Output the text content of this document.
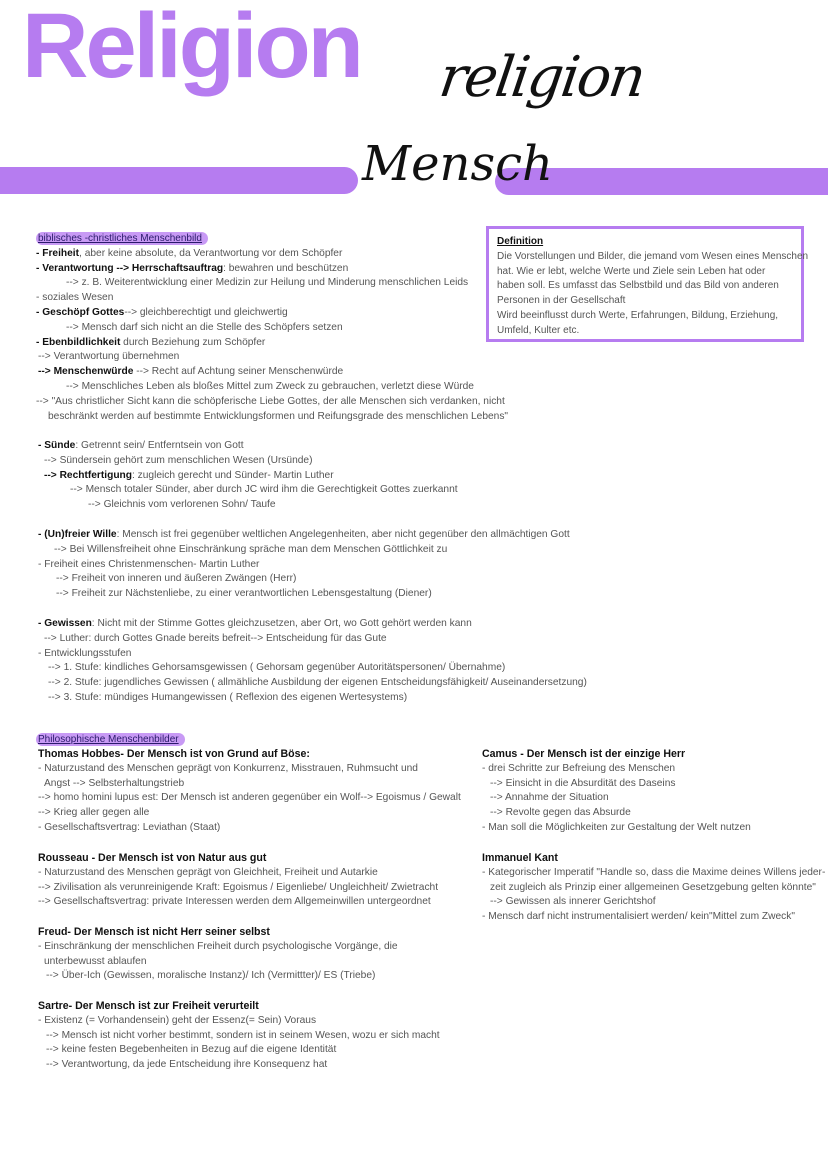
Religion religion
Mensch
Definition
Die Vorstellungen und Bilder, die jemand vom Wesen eines Menschen
hat. Wie er lebt, welche Werte und Ziele sein Leben hat oder
haben soll. Es umfasst das Selbstbild und das Bild von anderen
Personen in der Gesellschaft
Wird beeinflusst durch Werte, Erfahrungen, Bildung, Erziehung,
Umfeld, Kulter etc.
biblisches -christliches Menschenbild
- Freiheit, aber keine absolute, da Verantwortung vor dem Schöpfer
- Verantwortung --> Herrschaftsauftrag: bewahren und beschützen
--> z. B. Weiterentwicklung einer Medizin zur Heilung und Minderung menschlichen Leids
- soziales Wesen
- Geschöpf Gottes--> gleichberechtigt und gleichwertig
--> Mensch darf sich nicht an die Stelle des Schöpfers setzen
- Ebenbildlichkeit durch Beziehung zum Schöpfer
--> Verantwortung übernehmen
--> Menschenwürde --> Recht auf Achtung seiner Menschenwürde
--> Menschliches Leben als bloßes Mittel zum Zweck zu gebrauchen, verletzt diese Würde
--> "Aus christlicher Sicht kann die schöpferische Liebe Gottes, der alle Menschen sich verdanken, nicht
beschränkt werden auf bestimmte Entwicklungsformen und Reifungsgrade des menschlichen Lebens"
- Sünde: Getrennt sein/ Entferntsein von Gott
--> Sündersein gehört zum menschlichen Wesen (Ursünde)
--> Rechtfertigung: zugleich gerecht und Sünder- Martin Luther
--> Mensch totaler Sünder, aber durch JC wird ihm die Gerechtigkeit Gottes zuerkannt
--> Gleichnis vom verlorenen Sohn/ Taufe
- (Un)freier Wille: Mensch ist frei gegenüber weltlichen Angelegenheiten, aber nicht gegenüber den allmächtigen Gott
--> Bei Willensfreiheit ohne Einschränkung spräche man dem Menschen Göttlichkeit zu
- Freiheit eines Christenmenschen- Martin Luther
--> Freiheit von inneren und äußeren Zwängen (Herr)
--> Freiheit zur Nächstenliebe, zu einer verantwortlichen Lebensgestaltung (Diener)
- Gewissen: Nicht mit der Stimme Gottes gleichzusetzen, aber Ort, wo Gott gehört werden kann
--> Luther: durch Gottes Gnade bereits befreit--> Entscheidung für das Gute
- Entwicklungsstufen
--> 1. Stufe: kindliches Gehorsamsgewissen ( Gehorsam gegenüber Autoritätspersonen/ Übernahme)
--> 2. Stufe: jugendliches Gewissen ( allmähliche Ausbildung der eigenen Entscheidungsfähigkeit/ Auseinandersetzung)
--> 3. Stufe: mündiges Humangewissen ( Reflexion des eigenen Wertesystems)
Philosophische Menschenbilder
Thomas Hobbes- Der Mensch ist von Grund auf Böse:
- Naturzustand des Menschen geprägt von Konkurrenz, Misstrauen, Ruhmsucht und
Angst --> Selbsterhaltungstrieb
--> homo homini lupus est: Der Mensch ist anderen gegenüber ein Wolf--> Egoismus / Gewalt
--> Krieg aller gegen alle
- Gesellschaftsvertrag: Leviathan (Staat)
Rousseau - Der Mensch ist von Natur aus gut
- Naturzustand des Menschen geprägt von Gleichheit, Freiheit und Autarkie
--> Zivilisation als verunreinigende Kraft: Egoismus / Eigenliebe/ Ungleichheit/ Zwietracht
--> Gesellschaftsvertrag: private Interessen werden dem Allgemeinwillen untergeordnet
Freud- Der Mensch ist nicht Herr seiner selbst
- Einschränkung der menschlichen Freiheit durch psychologische Vorgänge, die
unterbewusst ablaufen
--> Über-Ich (Gewissen, moralische Instanz)/ Ich (Vermittter)/ ES (Triebe)
Sartre- Der Mensch ist zur Freiheit verurteilt
- Existenz (= Vorhandensein) geht der Essenz(= Sein) Voraus
--> Mensch ist nicht vorher bestimmt, sondern ist in seinem Wesen, wozu er sich macht
--> keine festen Begebenheiten in Bezug auf die eigene Identität
--> Verantwortung, da jede Entscheidung ihre Konsequenz hat
Camus - Der Mensch ist der einzige Herr
- drei Schritte zur Befreiung des Menschen
--> Einsicht in die Absurdität des Daseins
--> Annahme der Situation
--> Revolte gegen das Absurde
- Man soll die Möglichkeiten zur Gestaltung der Welt nutzen
Immanuel Kant
- Kategorischer Imperatif "Handle so, dass die Maxime deines Willens jeder-
zeit zugleich als Prinzip einer allgemeinen Gesetzgebung gelten könnte"
--> Gewissen als innerer Gerichtshof
- Mensch darf nicht instrumentalisiert werden/ kein"Mittel zum Zweck"
